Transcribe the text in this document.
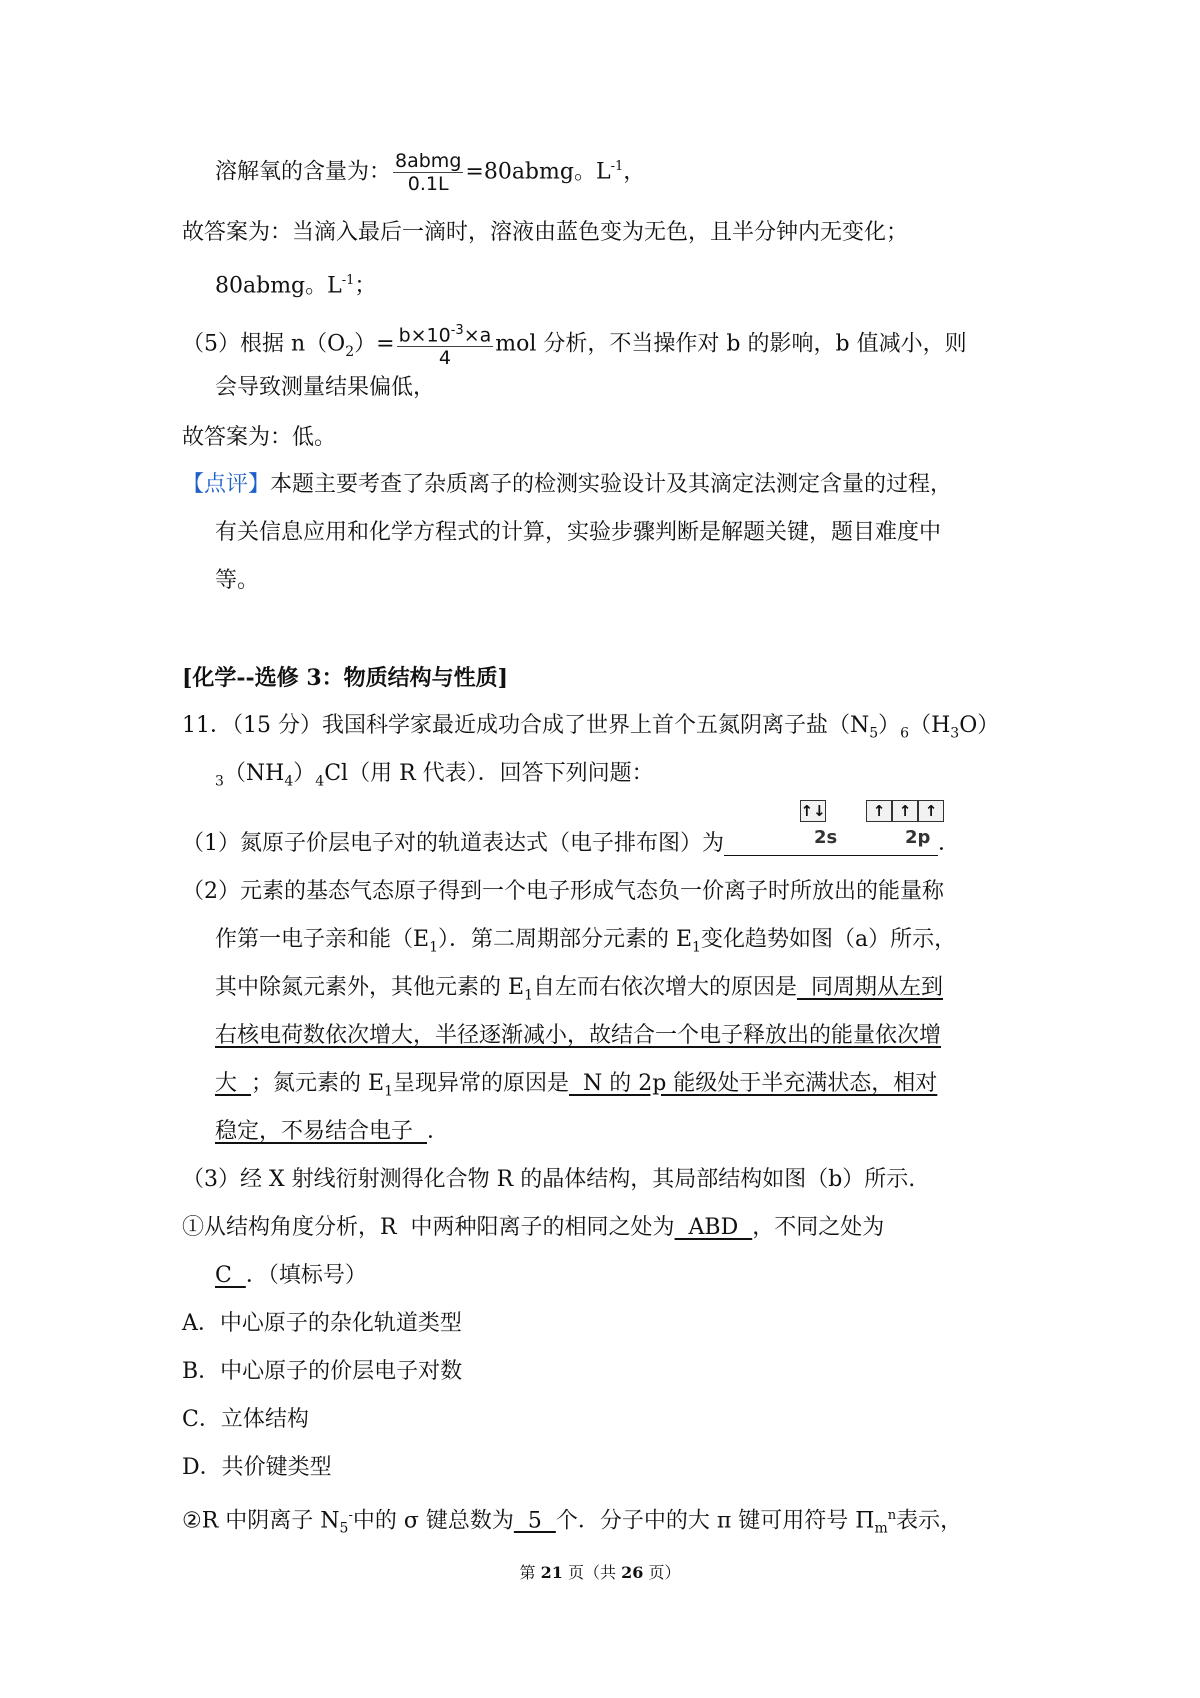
溶解氧的含量为： $\frac{\text{8abmg}}{0.1L}$ =80abmg。$L^{-1}$，
故答案为：当滴入最后一滴时，溶液由蓝色变为无色，且半分钟内无变化；
80abmg。$L^{-1}$；
（5）根据 $n(O_2)= \frac{b\times 10^{-3}\times a}{4}$ mol 分析，不当操作对 b 的影响，b 值减小，则
会导致测量结果偏低，
故答案为：低。
【点评】本题主要考查了杂质离子的检测实验设计及其滴定法测定含量的过程，
有关信息应用和化学方程式的计算，实验步骤判断是解题关键，题目难度中
等。
[化学--选修 3：物质结构与性质]
11．（15 分）我国科学家最近成功合成了世界上首个五氮阴离子盐$(N_5)_6(H_3O)$
$_3(NH_4)_4Cl$（用 R 代表）．回答下列问题：
↑↓	↑ ↑ ↑
2s	2p
（1）氮原子价层电子对的轨道表达式（电子排布图）为	．
（2）元素的基态气态原子得到一个电子形成气态负一价离子时所放出的能量称
作第一电子亲和能$(E_1)$．第二周期部分元素的 $E_1$变化趋势如图（a）所示，
其中除氮元素外，其他元素的 $E_1$自左而右依次增大的原因是  同周期从左到
右核电荷数依次增大，半径逐渐减小，故结合一个电子释放出的能量依次增
大  ；氮元素的 $E_1$呈现异常的原因是  N 的 2p 能级处于半充满状态，相对
稳定，不易结合电子  ．
（3）经 X 射线衍射测得化合物 R 的晶体结构，其局部结构如图（b）所示.
①从结构角度分析，R  中两种阳离子的相同之处为  ABD  ，不同之处为
C  ．（填标号）
A．中心原子的杂化轨道类型
B．中心原子的价层电子对数
C．立体结构
D．共价键类型
②R 中阴离子 $N_5^-$中的 σ 键总数为  5  个．分子中的大 π 键可用符号 $\Pi_m^n$表示，
第 21 页（共 26 页）
